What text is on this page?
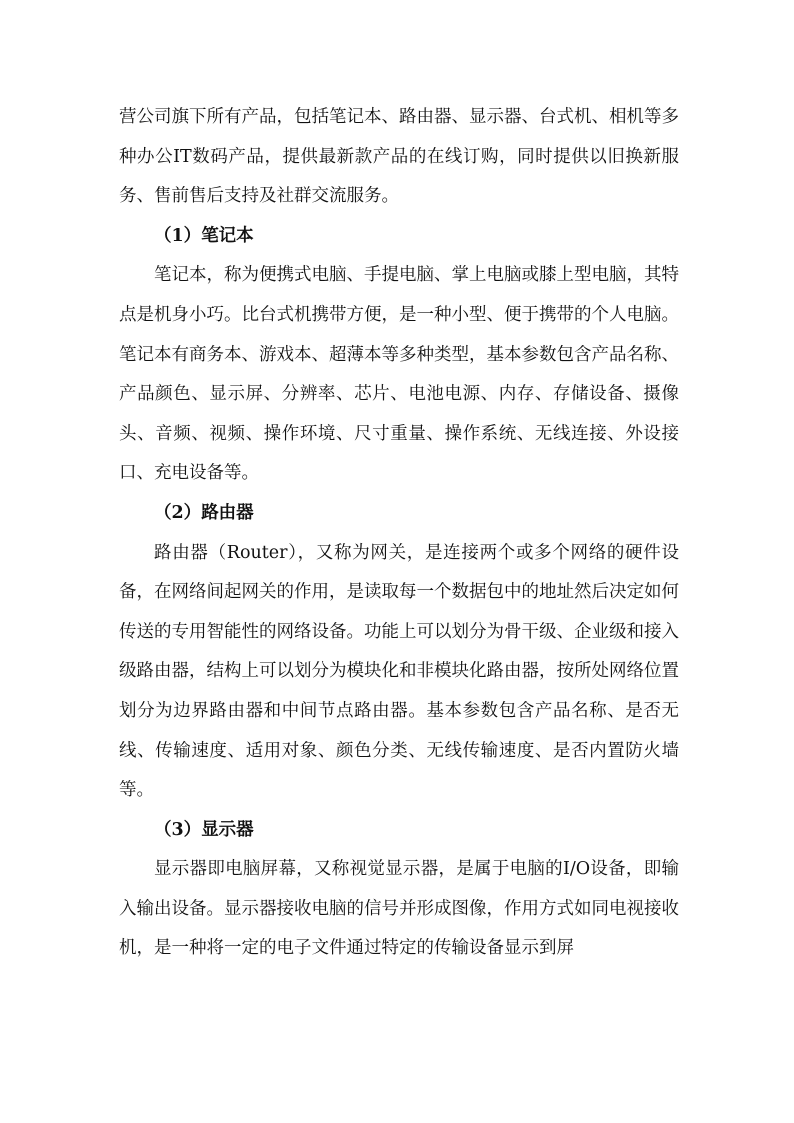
营公司旗下所有产品，包括笔记本、路由器、显示器、台式机、相机等多种办公IT数码产品，提供最新款产品的在线订购，同时提供以旧换新服务、售前售后支持及社群交流服务。

（1）笔记本

笔记本，称为便携式电脑、手提电脑、掌上电脑或膝上型电脑，其特点是机身小巧。比台式机携带方便，是一种小型、便于携带的个人电脑。笔记本有商务本、游戏本、超薄本等多种类型，基本参数包含产品名称、产品颜色、显示屏、分辨率、芯片、电池电源、内存、存储设备、摄像头、音频、视频、操作环境、尺寸重量、操作系统、无线连接、外设接口、充电设备等。

（2）路由器

路由器（Router），又称为网关，是连接两个或多个网络的硬件设备，在网络间起网关的作用，是读取每一个数据包中的地址然后决定如何传送的专用智能性的网络设备。功能上可以划分为骨干级、企业级和接入级路由器，结构上可以划分为模块化和非模块化路由器，按所处网络位置划分为边界路由器和中间节点路由器。基本参数包含产品名称、是否无线、传输速度、适用对象、颜色分类、无线传输速度、是否内置防火墙等。

（3）显示器

显示器即电脑屏幕，又称视觉显示器，是属于电脑的I/O设备，即输入输出设备。显示器接收电脑的信号并形成图像，作用方式如同电视接收机，是一种将一定的电子文件通过特定的传输设备显示到屏
